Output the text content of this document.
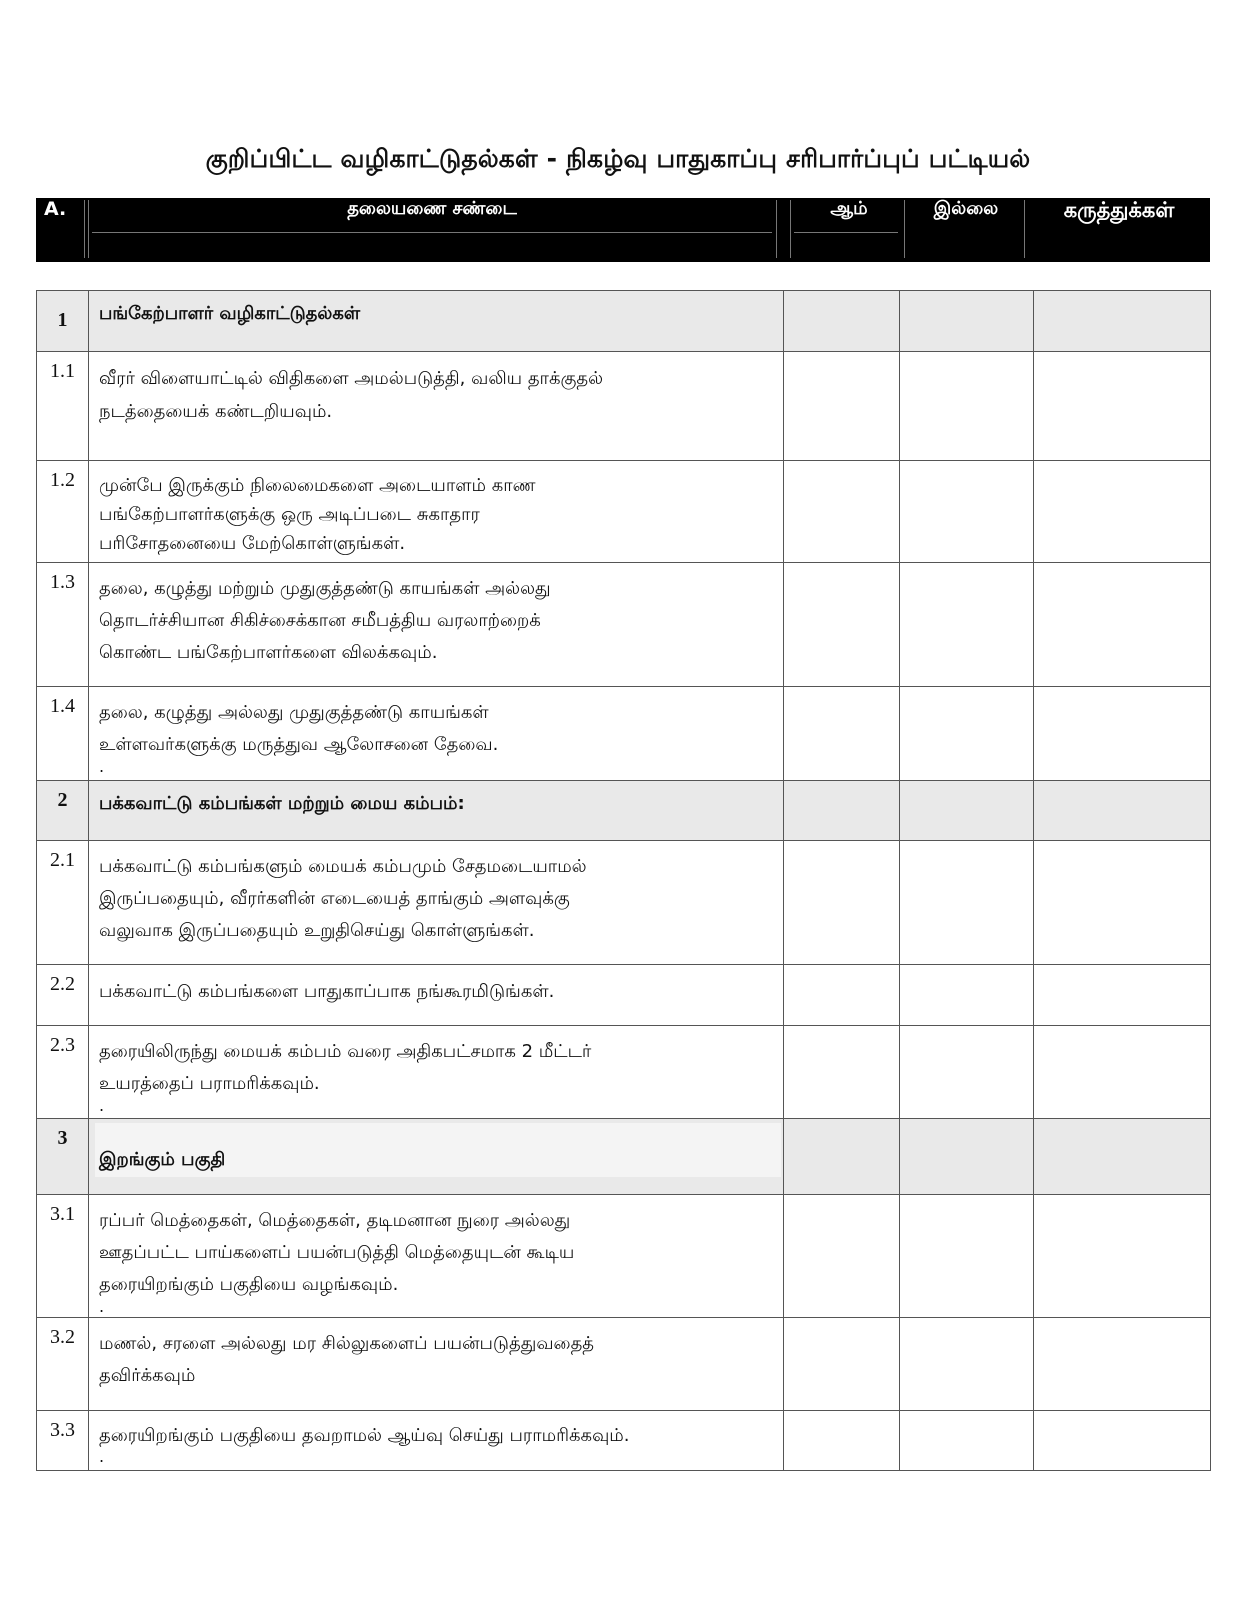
குறிப்பிட்ட வழிகாட்டுதல்கள் - நிகழ்வு பாதுகாப்பு சரிபார்ப்புப் பட்டியல்
A.	தலையணை சண்டை	ஆம்	இல்லை	கருத்துக்கள்
1	பங்கேற்பாளர் வழிகாட்டுதல்கள்			
1.1	வீரர் விளையாட்டில் விதிகளை அமல்படுத்தி, வலிய தாக்குதல்
நடத்தையைக் கண்டறியவும்.			

1.2	முன்பே இருக்கும் நிலைமைகளை அடையாளம் காண
பங்கேற்பாளர்களுக்கு ஒரு அடிப்படை சுகாதார
பரிசோதனையை மேற்கொள்ளுங்கள்.			

1.3	தலை, கழுத்து மற்றும் முதுகுத்தண்டு காயங்கள் அல்லது
தொடர்ச்சியான சிகிச்சைக்கான சமீபத்திய வரலாற்றைக்
கொண்ட பங்கேற்பாளர்களை விலக்கவும்.			

1.4	தலை, கழுத்து அல்லது முதுகுத்தண்டு காயங்கள்
உள்ளவர்களுக்கு மருத்துவ ஆலோசனை தேவை.
.			

2	பக்கவாட்டு கம்பங்கள் மற்றும் மைய கம்பம்:			
2.1	பக்கவாட்டு கம்பங்களும் மையக் கம்பமும் சேதமடையாமல்
இருப்பதையும், வீரர்களின் எடையைத் தாங்கும் அளவுக்கு
வலுவாக இருப்பதையும் உறுதிசெய்து கொள்ளுங்கள்.			

2.2	பக்கவாட்டு கம்பங்களை பாதுகாப்பாக நங்கூரமிடுங்கள்.			

2.3	தரையிலிருந்து மையக் கம்பம் வரை அதிகபட்சமாக 2 மீட்டர்
உயரத்தைப் பராமரிக்கவும்.
.			

3	இறங்கும் பகுதி			

3.1	ரப்பர் மெத்தைகள், மெத்தைகள், தடிமனான நுரை அல்லது
ஊதப்பட்ட பாய்களைப் பயன்படுத்தி மெத்தையுடன் கூடிய
தரையிறங்கும் பகுதியை வழங்கவும்.
.			

3.2	மணல், சரளை அல்லது மர சில்லுகளைப் பயன்படுத்துவதைத்
தவிர்க்கவும்			

3.3	தரையிறங்கும் பகுதியை தவறாமல் ஆய்வு செய்து பராமரிக்கவும்.
.			
